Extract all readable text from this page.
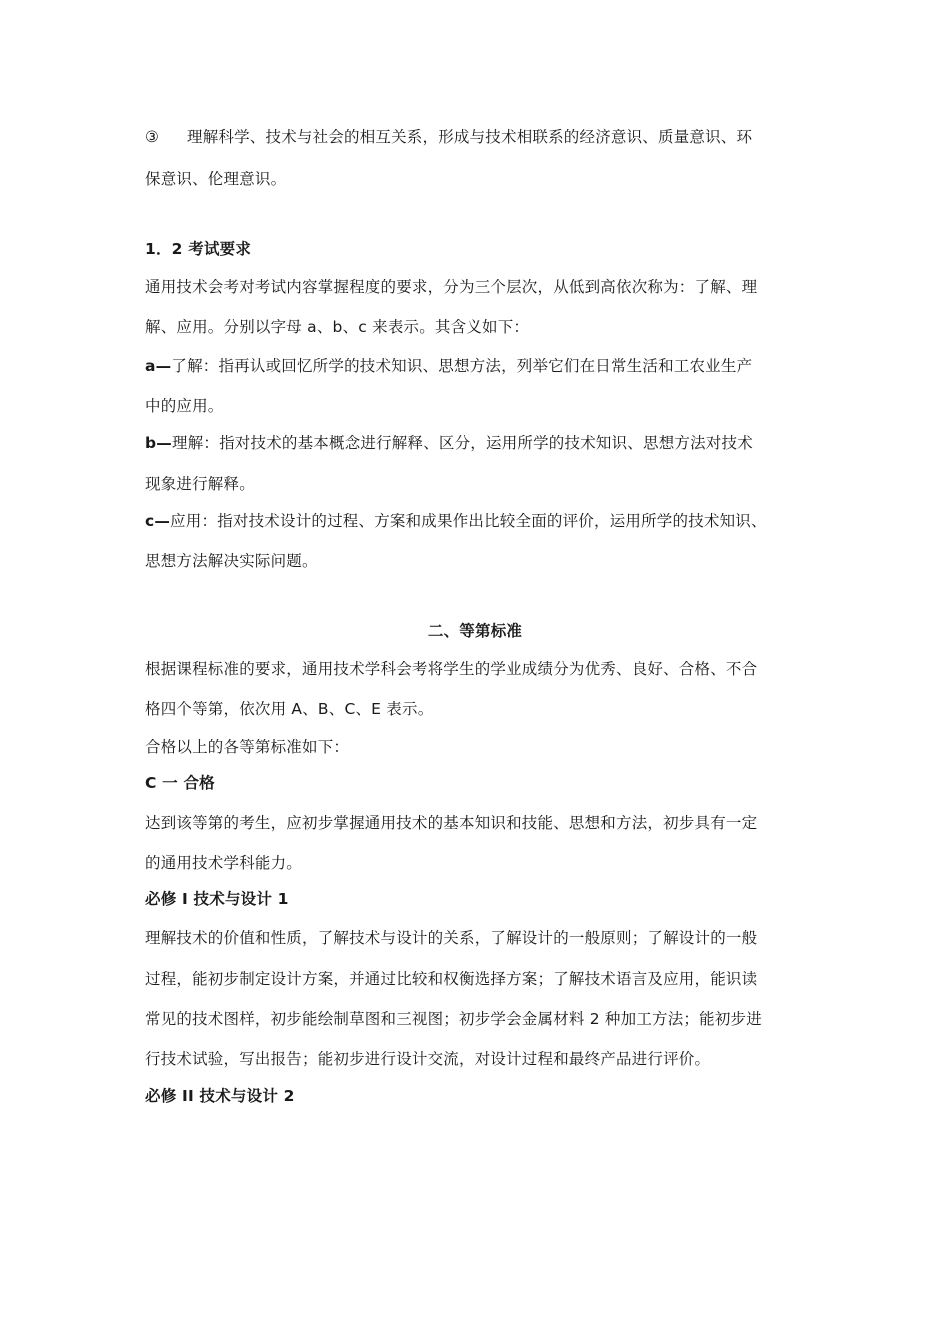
③ 理解科学、技术与社会的相互关系，形成与技术相联系的经济意识、质量意识、环
保意识、伦理意识。
1．2 考试要求
通用技术会考对考试内容掌握程度的要求，分为三个层次，从低到高依次称为：了解、理
解、应用。分别以字母 a、b、c 来表示。其含义如下：
a—了解：指再认或回忆所学的技术知识、思想方法，列举它们在日常生活和工农业生产
中的应用。
b—理解：指对技术的基本概念进行解释、区分，运用所学的技术知识、思想方法对技术
现象进行解释。
c—应用：指对技术设计的过程、方案和成果作出比较全面的评价，运用所学的技术知识、
思想方法解决实际问题。
二、等第标准
根据课程标准的要求，通用技术学科会考将学生的学业成绩分为优秀、良好、合格、不合
格四个等第，依次用 A、B、C、E 表示。
合格以上的各等第标准如下：
C 一 合格
达到该等第的考生，应初步掌握通用技术的基本知识和技能、思想和方法，初步具有一定
的通用技术学科能力。
必修 I 技术与设计 1
理解技术的价值和性质，了解技术与设计的关系，了解设计的一般原则；了解设计的一般
过程，能初步制定设计方案，并通过比较和权衡选择方案；了解技术语言及应用，能识读
常见的技术图样，初步能绘制草图和三视图；初步学会金属材料 2 种加工方法；能初步进
行技术试验，写出报告；能初步进行设计交流，对设计过程和最终产品进行评价。
必修 II 技术与设计 2
